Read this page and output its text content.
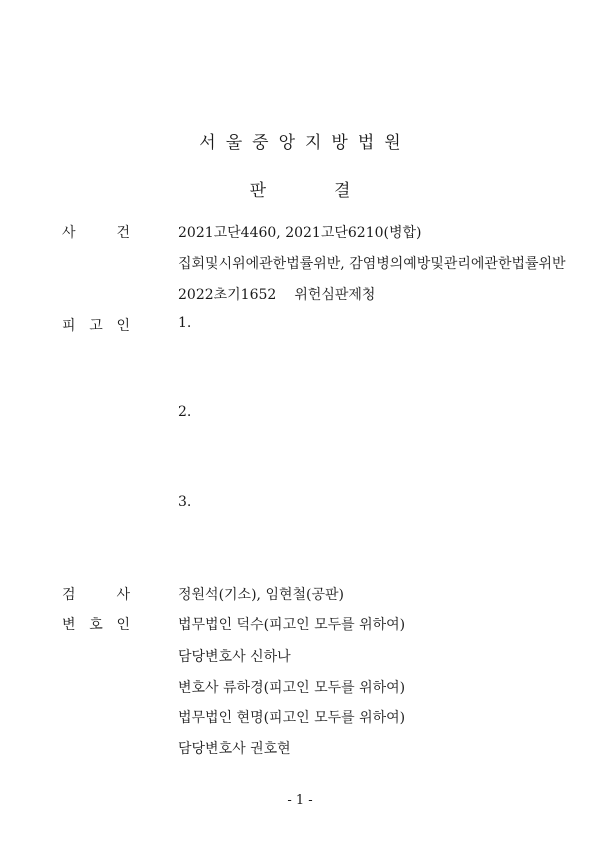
서울중앙지방법원
판	결
사	건	2021고단4460, 2021고단6210(병합)
집회및시위에관한법률위반, 감염병의예방및관리에관한법률위반
2022초기1652 위헌심판제청
피 고 인	1.
2.
3.
검	사	정원석(기소), 임현철(공판)
변 호 인	법무법인 덕수(피고인 모두를 위하여)
담당변호사 신하나
변호사 류하경(피고인 모두를 위하여)
법무법인 현명(피고인 모두를 위하여)
담당변호사 권호현
- 1 -
